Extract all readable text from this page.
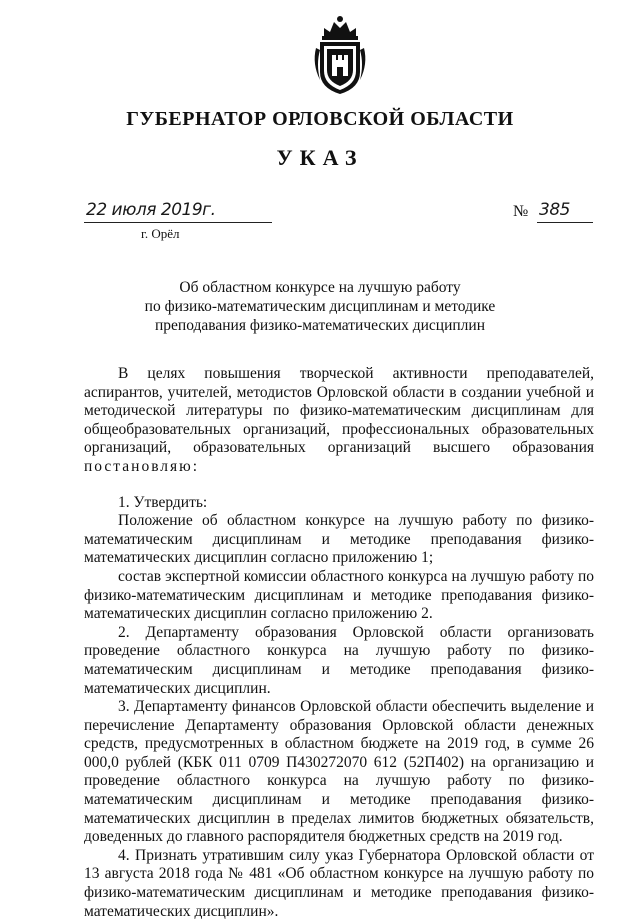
ГУБЕРНАТОР ОРЛОВСКОЙ ОБЛАСТИ
УКАЗ
22 июля 2019г.
г. Орёл
№ 385
Об областном конкурсе на лучшую работу
по физико-математическим дисциплинам и методике
преподавания физико-математических дисциплин

В целях повышения творческой активности преподавателей, аспирантов, учителей, методистов Орловской области в создании учебной и методической литературы по физико-математическим дисциплинам для общеобразовательных организаций, профессиональных образовательных организаций, образовательных организаций высшего образования постановляю:

1. Утвердить:

Положение об областном конкурсе на лучшую работу по физико-математическим дисциплинам и методике преподавания физико-математических дисциплин согласно приложению 1;

состав экспертной комиссии областного конкурса на лучшую работу по физико-математическим дисциплинам и методике преподавания физико-математических дисциплин согласно приложению 2.

2. Департаменту образования Орловской области организовать проведение областного конкурса на лучшую работу по физико-математическим дисциплинам и методике преподавания физико-математических дисциплин.

3. Департаменту финансов Орловской области обеспечить выделение и перечисление Департаменту образования Орловской области денежных средств, предусмотренных в областном бюджете на 2019 год, в сумме 26 000,0 рублей (КБК 011 0709 П430272070 612 (52П402) на организацию и проведение областного конкурса на лучшую работу по физико-математическим дисциплинам и методике преподавания физико-математических дисциплин в пределах лимитов бюджетных обязательств, доведенных до главного распорядителя бюджетных средств на 2019 год.

4. Признать утратившим силу указ Губернатора Орловской области от 13 августа 2018 года № 481 «Об областном конкурсе на лучшую работу по физико-математическим дисциплинам и методике преподавания физико-математических дисциплин».
